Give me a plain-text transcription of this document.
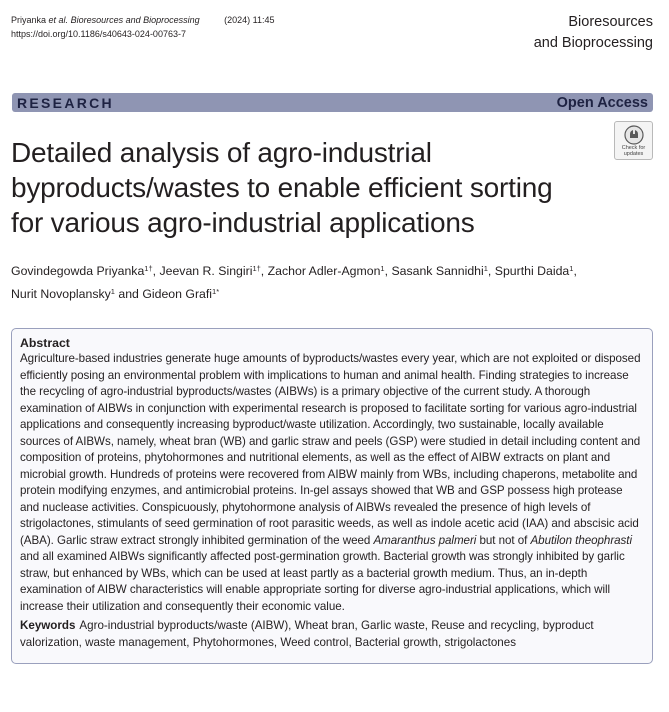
Priyanka et al. Bioresources and Bioprocessing	(2024) 11:45
https://doi.org/10.1186/s40643-024-00763-7
Bioresources
and Bioprocessing
RESEARCH	Open Access
Check for
updates
Detailed analysis of agro-industrial
byproducts/wastes to enable efficient sorting
for various agro-industrial applications
Govindegowda Priyanka$^{1\dagger}$, Jeevan R. Singiri$^{1\dagger}$, Zachor Adler-Agmon$^1$, Sasank Sannidhi$^1$, Spurthi Daida$^1$,
Nurit Novoplansky$^1$ and Gideon Grafi$^{1*}$
Abstract

Agriculture-based industries generate huge amounts of byproducts/wastes every year, which are not exploited or disposed efficiently posing an environmental problem with implications to human and animal health. Finding strategies to increase the recycling of agro-industrial byproducts/wastes (AIBWs) is a primary objective of the current study. A thorough examination of AIBWs in conjunction with experimental research is proposed to facilitate sorting for various agro-industrial applications and consequently increasing byproduct/waste utilization. Accordingly, two sustainable, locally available sources of AIBWs, namely, wheat bran (WB) and garlic straw and peels (GSP) were studied in detail including content and composition of proteins, phytohormones and nutritional elements, as well as the effect of AIBW extracts on plant and microbial growth. Hundreds of proteins were recovered from AIBW mainly from WBs, including chaperons, metabolite and protein modifying enzymes, and antimicrobial proteins. In-gel assays showed that WB and GSP possess high protease and nuclease activities. Conspicuously, phytohormone analysis of AIBWs revealed the presence of high levels of strigolactones, stimulants of seed germination of root parasitic weeds, as well as indole acetic acid (IAA) and abscisic acid (ABA). Garlic straw extract strongly inhibited germination of the weed Amaranthus palmeri but not of Abutilon theophrasti and all examined AIBWs significantly affected post-germination growth. Bacterial growth was strongly inhibited by garlic straw, but enhanced by WBs, which can be used at least partly as a bacterial growth medium. Thus, an in-depth examination of AIBW characteristics will enable appropriate sorting for diverse agro-industrial applications, which will increase their utilization and consequently their economic value.

Keywords Agro-industrial byproducts/waste (AIBW), Wheat bran, Garlic waste, Reuse and recycling, byproduct valorization, waste management, Phytohormones, Weed control, Bacterial growth, strigolactones
